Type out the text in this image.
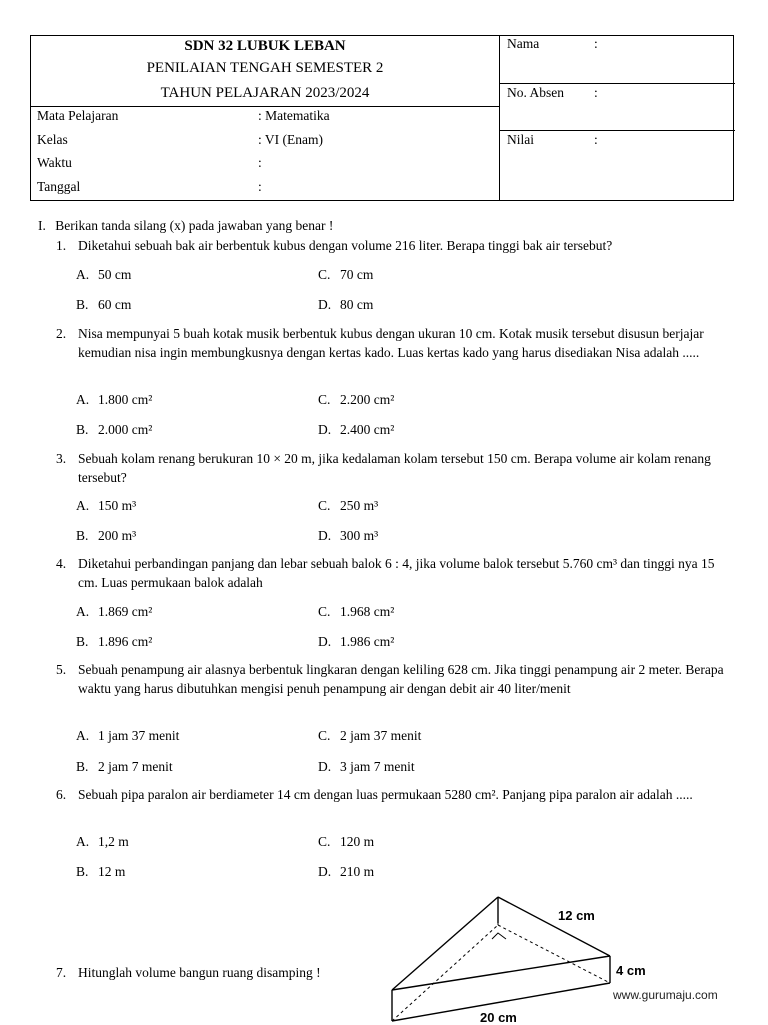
SDN 32 LUBUK LEBAN
PENILAIAN TENGAH SEMESTER 2
TAHUN PELAJARAN 2023/2024
Mata Pelajaran	: Matematika
Kelas	: VI (Enam)
Waktu	:
Tanggal	:
Nama	:
No. Absen :
Nilai	:
I. Berikan tanda silang (x) pada jawaban yang benar !
1. Diketahui sebuah bak air berbentuk kubus dengan volume 216 liter. Berapa tinggi bak air tersebut?
A. 50 cm
B. 60 cm
C. 70 cm
D. 80 cm
2. Nisa mempunyai 5 buah kotak musik berbentuk kubus dengan ukuran 10 cm. Kotak musik tersebut disusun berjajar kemudian nisa ingin membungkusnya dengan kertas kado. Luas kertas kado yang harus disediakan Nisa adalah .....
A. 1.800 cm²
B. 2.000 cm²
C. 2.200 cm²
D. 2.400 cm²
3. Sebuah kolam renang berukuran 10 × 20 m, jika kedalaman kolam tersebut 150 cm. Berapa volume air kolam renang tersebut?
A. 150 m³
B. 200 m³
C. 250 m³
D. 300 m³
4. Diketahui perbandingan panjang dan lebar sebuah balok 6 : 4, jika volume balok tersebut 5.760 cm³ dan tinggi nya 15 cm. Luas permukaan balok adalah
A. 1.869 cm²
B. 1.896 cm²
C. 1.968 cm²
D. 1.986 cm²
5. Sebuah penampung air alasnya berbentuk lingkaran dengan keliling 628 cm. Jika tinggi penampung air 2 meter. Berapa waktu yang harus dibutuhkan mengisi penuh penampung air dengan debit air 40 liter/menit
A. 1 jam 37 menit
B. 2 jam 7 menit
C. 2 jam 37 menit
D. 3 jam 7 menit
6. Sebuah pipa paralon air berdiameter 14 cm dengan luas permukaan 5280 cm². Panjang pipa paralon air adalah .....
A. 1,2 m
B. 12 m
C. 120 m
D. 210 m
7. Hitunglah volume bangun ruang disamping !
12 cm
4 cm
20 cm
www.gurumaju.com
